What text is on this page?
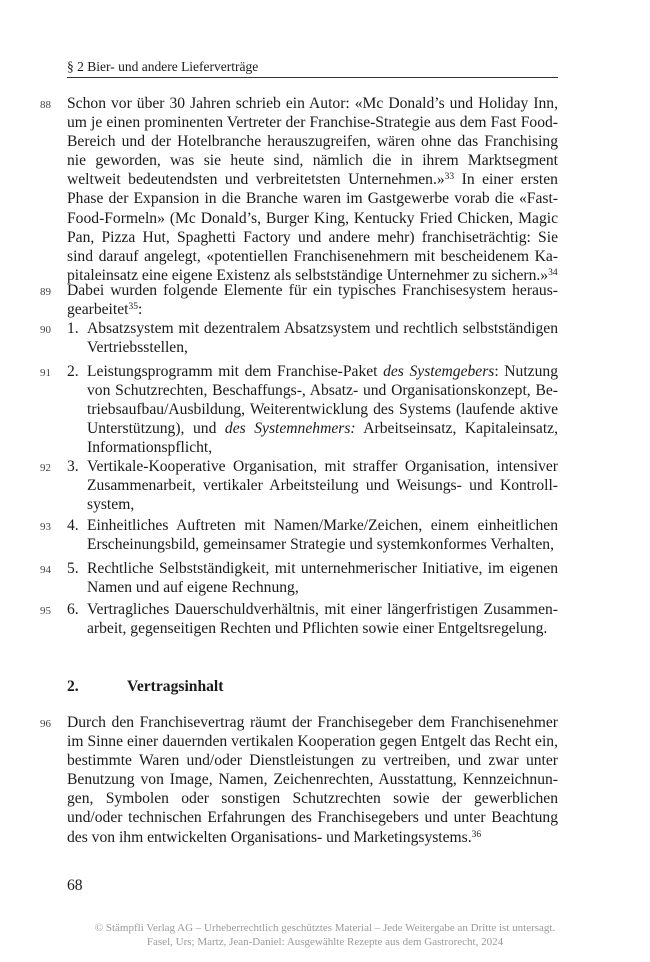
§ 2 Bier- und andere Lieferverträge
88	Schon vor über 30 Jahren schrieb ein Autor: «Mc Donald’s und Holiday Inn, um je einen prominenten Vertreter der Franchise-Strategie aus dem Fast Food-Bereich und der Hotelbranche herauszugreifen, wären ohne das Franchising nie geworden, was sie heute sind, nämlich die in ihrem Marktsegment weltweit bedeutendsten und verbreitetsten Unternehmen.»$^{33}$ In einer ersten Phase der Expansion in die Branche waren im Gastgewerbe vorab die «Fast-Food-Formeln» (Mc Donald’s, Burger King, Kentucky Fried Chicken, Magic Pan, Pizza Hut, Spaghetti Factory und andere mehr) franchiseträchtig: Sie sind darauf angelegt, «potentiellen Franchisenehmern mit bescheidenem Kapitaleinsatz eine eigene Existenz als selbstständige Unternehmer zu sichern.»$^{34}$
89	Dabei wurden folgende Elemente für ein typisches Franchisesystem herausgearbeitet$^{35}$:
90	1. Absatzsystem mit dezentralem Absatzsystem und rechtlich selbstständigen Vertriebsstellen,
91	2. Leistungsprogramm mit dem Franchise-Paket des Systemgebers: Nutzung von Schutzrechten, Beschaffungs-, Absatz- und Organisationskonzept, Betriebsaufbau/Ausbildung, Weiterentwicklung des Systems (laufende aktive Unterstützung), und des Systemnehmers: Arbeitseinsatz, Kapitaleinsatz, Informationspflicht,
92	3. Vertikale-Kooperative Organisation, mit straffer Organisation, intensiver Zusammenarbeit, vertikaler Arbeitsteilung und Weisungs- und Kontrollsystem,
93	4. Einheitliches Auftreten mit Namen/Marke/Zeichen, einem einheitlichen Erscheinungsbild, gemeinsamer Strategie und systemkonformes Verhalten,
94	5. Rechtliche Selbstständigkeit, mit unternehmerischer Initiative, im eigenen Namen und auf eigene Rechnung,
95	6. Vertragliches Dauerschuldverhältnis, mit einer längerfristigen Zusammenarbeit, gegenseitigen Rechten und Pflichten sowie einer Entgeltsregelung.
2.	Vertragsinhalt
96	Durch den Franchisevertrag räumt der Franchisegeber dem Franchisenehmer im Sinne einer dauernden vertikalen Kooperation gegen Entgelt das Recht ein, bestimmte Waren und/oder Dienstleistungen zu vertreiben, und zwar unter Benutzung von Image, Namen, Zeichenrechten, Ausstattung, Kennzeichnungen, Symbolen oder sonstigen Schutzrechten sowie der gewerblichen und/oder technischen Erfahrungen des Franchisegebers und unter Beachtung des von ihm entwickelten Organisations- und Marketingsystems.$^{36}$
68
© Stämpfli Verlag AG – Urheberrechtlich geschütztes Material – Jede Weitergabe an Dritte ist untersagt.
Fasel, Urs; Martz, Jean-Daniel: Ausgewählte Rezepte aus dem Gastrorecht, 2024
